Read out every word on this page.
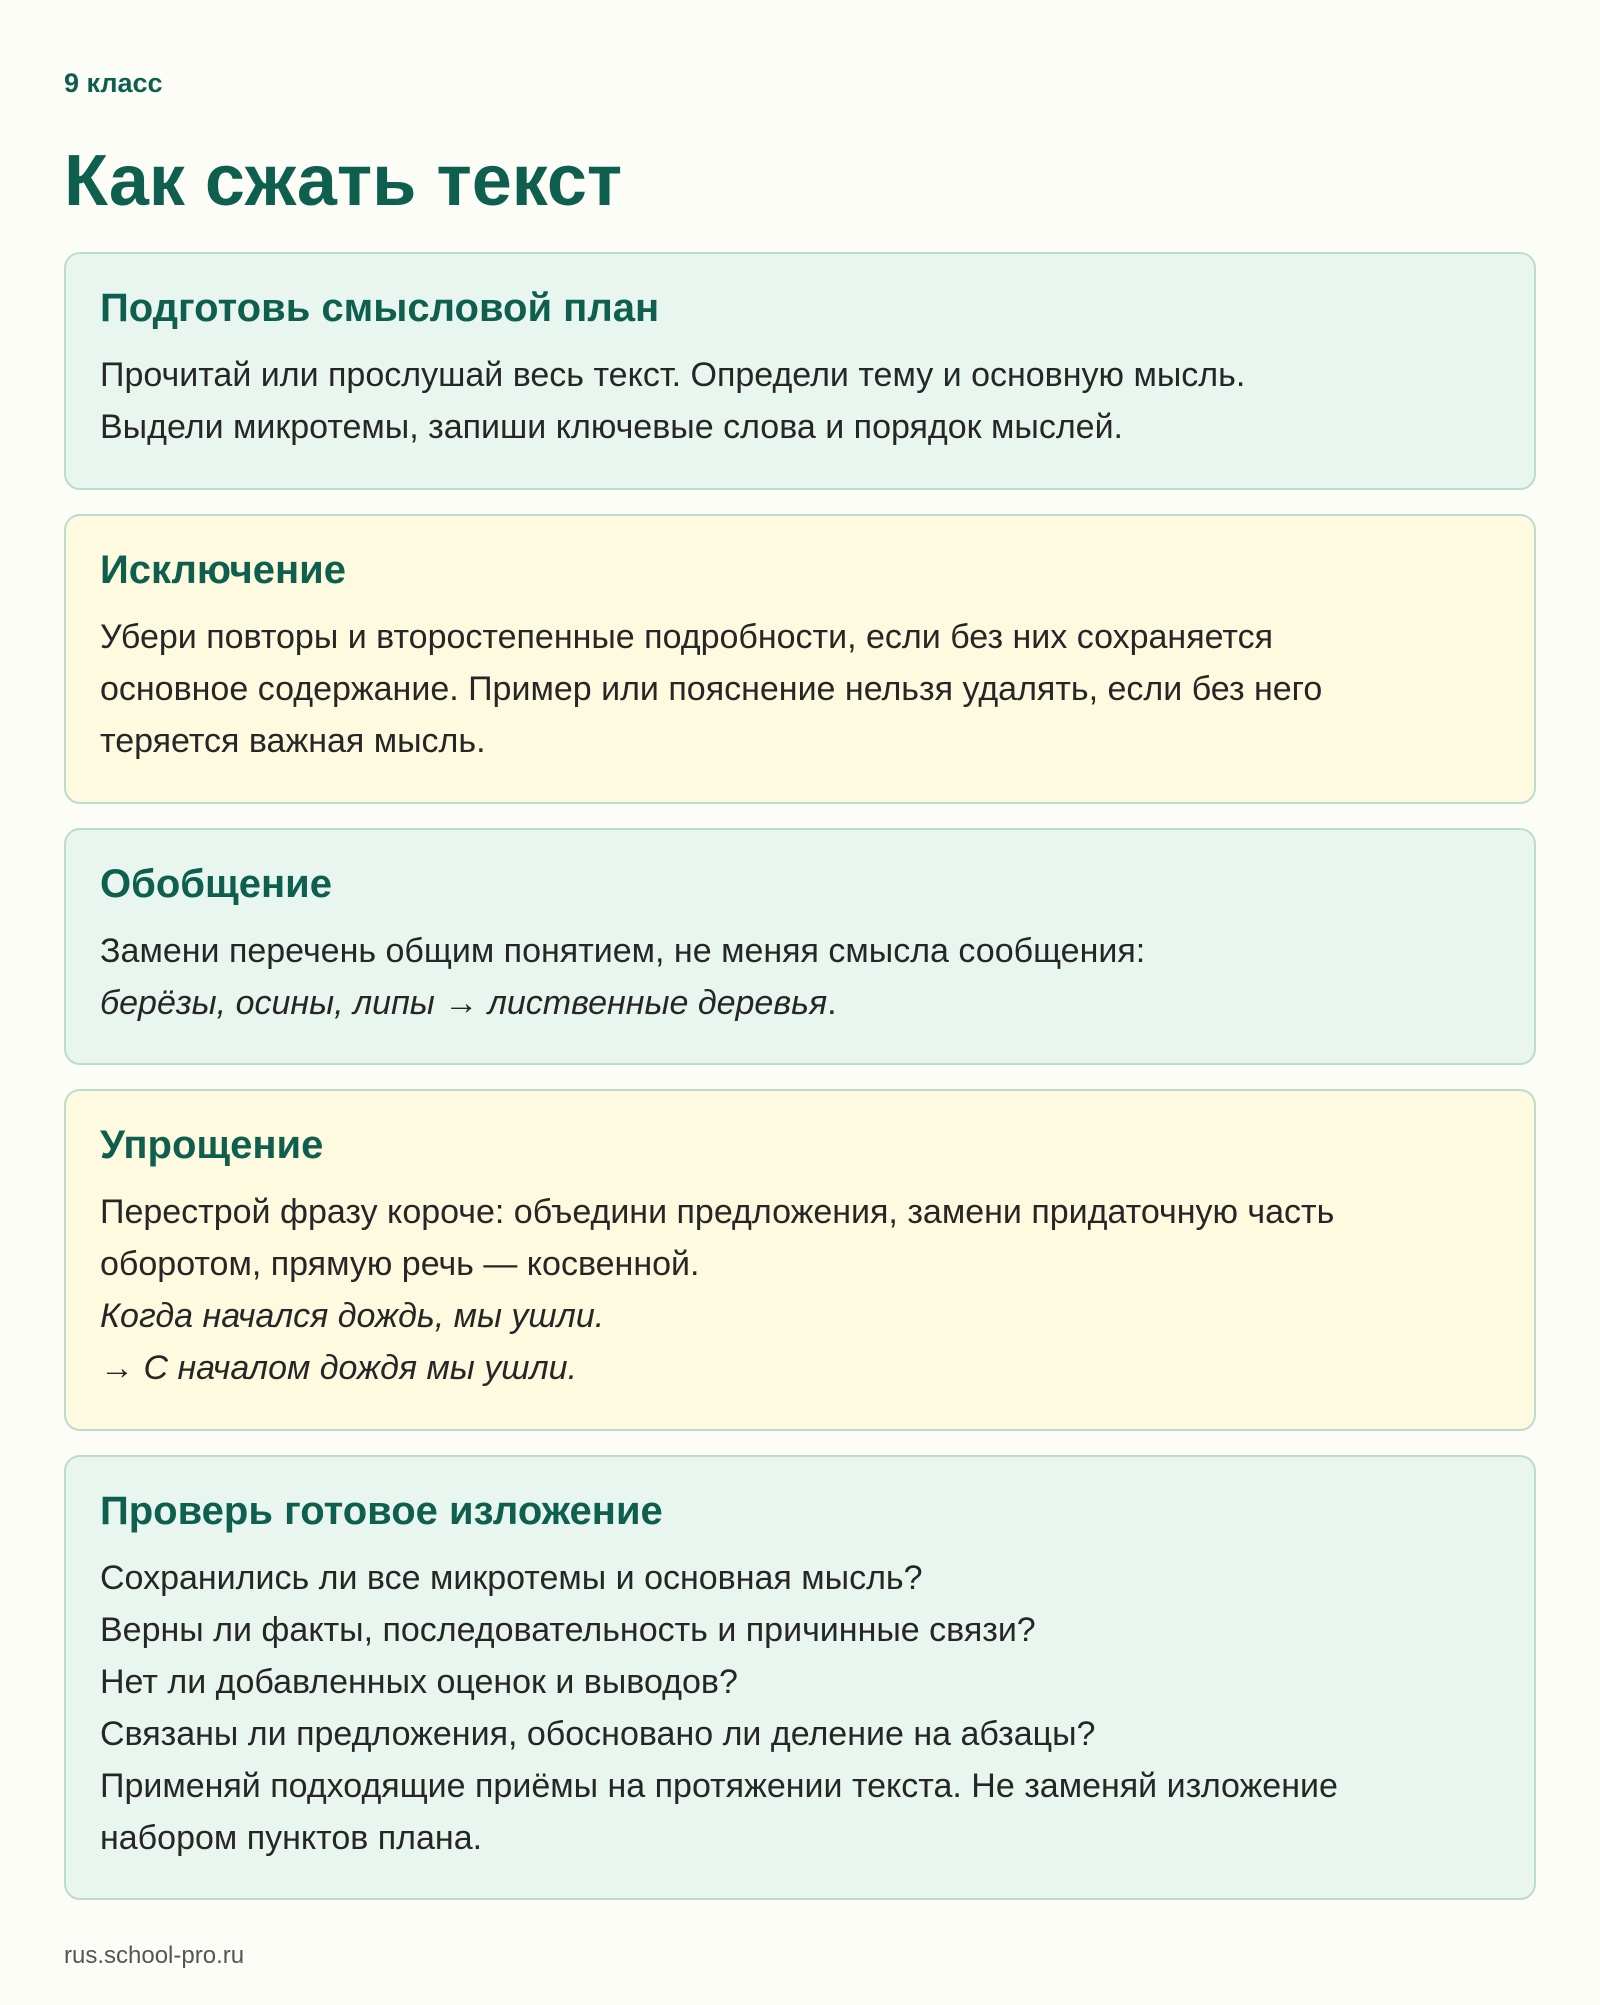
9 класс
Как сжать текст
Подготовь смысловой план

Прочитай или прослушай весь текст. Определи тему и основную мысль.

Выдели микротемы, запиши ключевые слова и порядок мыслей.

Исключение

Убери повторы и второстепенные подробности, если без них сохраняется

основное содержание. Пример или пояснение нельзя удалять, если без него

теряется важная мысль.

Обобщение

Замени перечень общим понятием, не меняя смысла сообщения:

берёзы, осины, липы → лиственные деревья.

Упрощение

Перестрой фразу короче: объедини предложения, замени придаточную часть

оборотом, прямую речь — косвенной.

Когда начался дождь, мы ушли.

→ С началом дождя мы ушли.

Проверь готовое изложение

Сохранились ли все микротемы и основная мысль?

Верны ли факты, последовательность и причинные связи?

Нет ли добавленных оценок и выводов?

Связаны ли предложения, обосновано ли деление на абзацы?

Применяй подходящие приёмы на протяжении текста. Не заменяй изложение

набором пунктов плана.

rus.school-pro.ru
